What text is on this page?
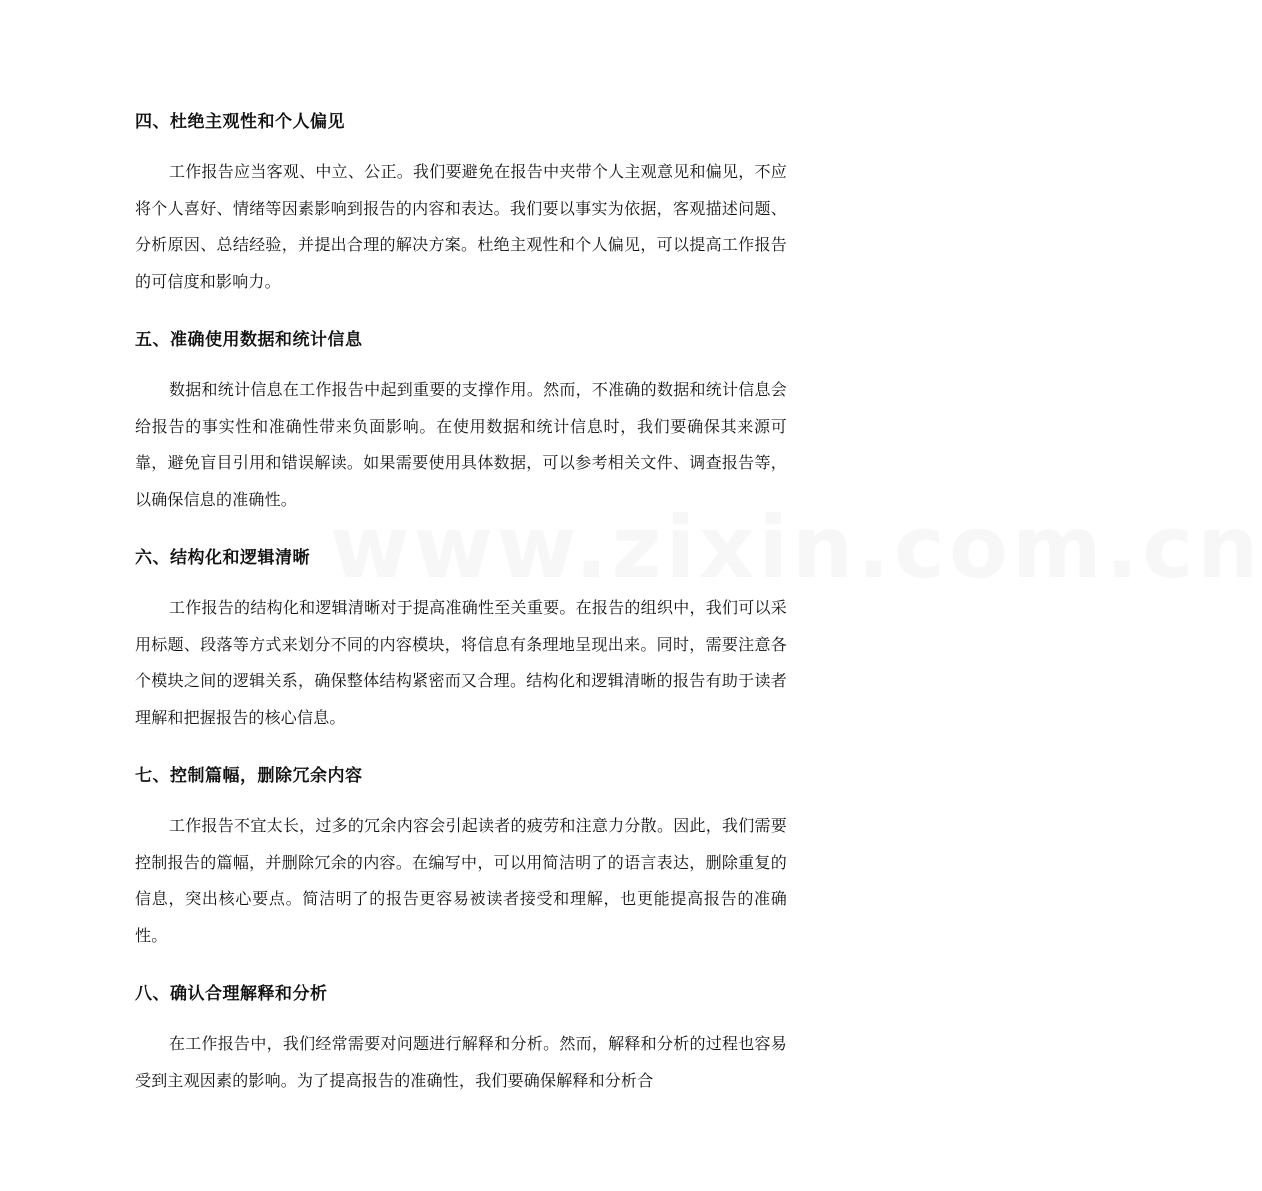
www.zixin.com.cn
四、杜绝主观性和个人偏见

工作报告应当客观、中立、公正。我们要避免在报告中夹带个人主观意见和偏见，不应将个人喜好、情绪等因素影响到报告的内容和表达。我们要以事实为依据，客观描述问题、分析原因、总结经验，并提出合理的解决方案。杜绝主观性和个人偏见，可以提高工作报告的可信度和影响力。

五、准确使用数据和统计信息

数据和统计信息在工作报告中起到重要的支撑作用。然而，不准确的数据和统计信息会给报告的事实性和准确性带来负面影响。在使用数据和统计信息时，我们要确保其来源可靠，避免盲目引用和错误解读。如果需要使用具体数据，可以参考相关文件、调查报告等，以确保信息的准确性。

六、结构化和逻辑清晰

工作报告的结构化和逻辑清晰对于提高准确性至关重要。在报告的组织中，我们可以采用标题、段落等方式来划分不同的内容模块，将信息有条理地呈现出来。同时，需要注意各个模块之间的逻辑关系，确保整体结构紧密而又合理。结构化和逻辑清晰的报告有助于读者理解和把握报告的核心信息。

七、控制篇幅，删除冗余内容

工作报告不宜太长，过多的冗余内容会引起读者的疲劳和注意力分散。因此，我们需要控制报告的篇幅，并删除冗余的内容。在编写中，可以用简洁明了的语言表达，删除重复的信息，突出核心要点。简洁明了的报告更容易被读者接受和理解，也更能提高报告的准确性。

八、确认合理解释和分析

在工作报告中，我们经常需要对问题进行解释和分析。然而，解释和分析的过程也容易受到主观因素的影响。为了提高报告的准确性，我们要确保解释和分析合
